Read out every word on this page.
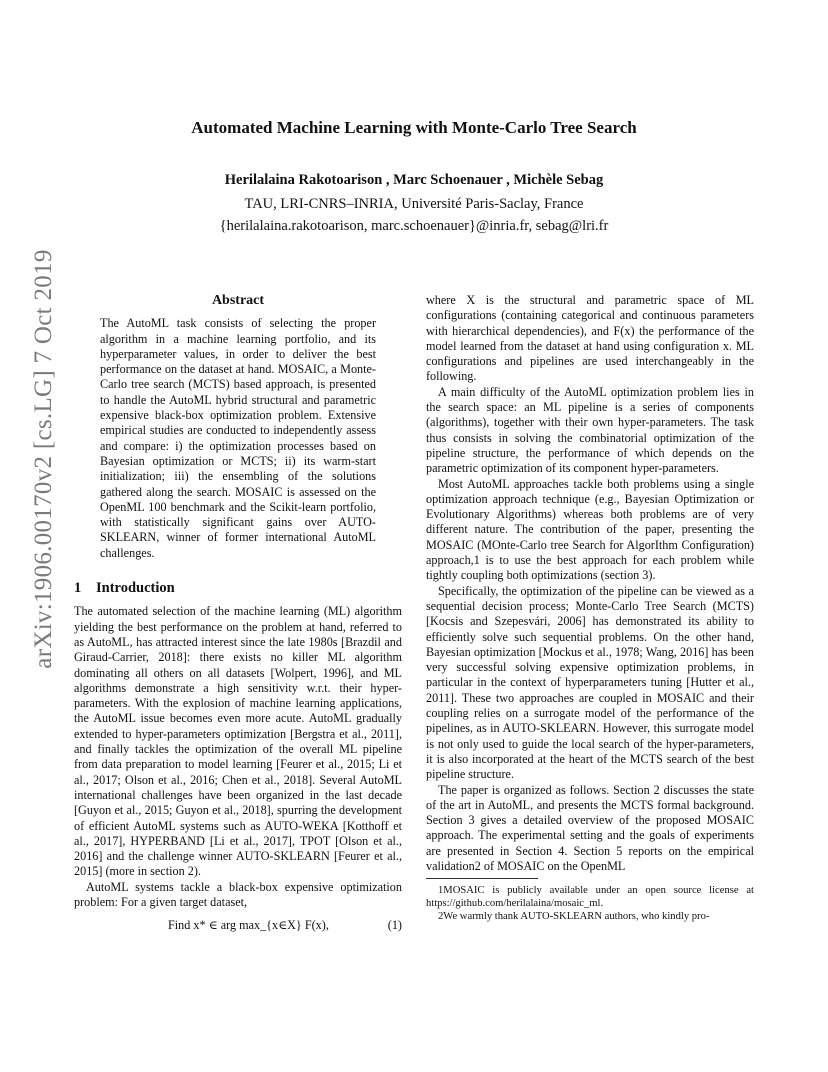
Automated Machine Learning with Monte-Carlo Tree Search
Herilalaina Rakotoarison , Marc Schoenauer , Michèle Sebag
TAU, LRI-CNRS–INRIA, Université Paris-Saclay, France
{herilalaina.rakotoarison, marc.schoenauer}@inria.fr, sebag@lri.fr
arXiv:1906.00170v2 [cs.LG] 7 Oct 2019	Abstract
The AutoML task consists of selecting the proper algorithm in a machine learning portfolio, and its hyperparameter values, in order to deliver the best performance on the dataset at hand. MOSAIC, a Monte-Carlo tree search (MCTS) based approach, is presented to handle the AutoML hybrid structural and parametric expensive black-box optimization problem. Extensive empirical studies are conducted to independently assess and compare: i) the optimization processes based on Bayesian optimization or MCTS; ii) its warm-start initialization; iii) the ensembling of the solutions gathered along the search. MOSAIC is assessed on the OpenML 100 benchmark and the Scikit-learn portfolio, with statistically significant gains over AUTO-SKLEARN, winner of former international AutoML challenges.
1 Introduction

The automated selection of the machine learning (ML) algorithm yielding the best performance on the problem at hand, referred to as AutoML, has attracted interest since the late 1980s [Brazdil and Giraud-Carrier, 2018]: there exists no killer ML algorithm dominating all others on all datasets [Wolpert, 1996], and ML algorithms demonstrate a high sensitivity w.r.t. their hyper-parameters. With the explosion of machine learning applications, the AutoML issue becomes even more acute. AutoML gradually extended to hyper-parameters optimization [Bergstra et al., 2011], and finally tackles the optimization of the overall ML pipeline from data preparation to model learning [Feurer et al., 2015; Li et al., 2017; Olson et al., 2016; Chen et al., 2018]. Several AutoML international challenges have been organized in the last decade [Guyon et al., 2015; Guyon et al., 2018], spurring the development of efficient AutoML systems such as AUTO-WEKA [Kotthoff et al., 2017], HYPERBAND [Li et al., 2017], TPOT [Olson et al., 2016] and the challenge winner AUTO-SKLEARN [Feurer et al., 2015] (more in section 2).

AutoML systems tackle a black-box expensive optimization problem: For a given target dataset,

Find x* ∈ arg max_{x∈X} F(x),	(1)

where X is the structural and parametric space of ML configurations (containing categorical and continuous parameters with hierarchical dependencies), and F(x) the performance of the model learned from the dataset at hand using configuration x. ML configurations and pipelines are used interchangeably in the following.

A main difficulty of the AutoML optimization problem lies in the search space: an ML pipeline is a series of components (algorithms), together with their own hyper-parameters. The task thus consists in solving the combinatorial optimization of the pipeline structure, the performance of which depends on the parametric optimization of its component hyper-parameters.

Most AutoML approaches tackle both problems using a single optimization approach technique (e.g., Bayesian Optimization or Evolutionary Algorithms) whereas both problems are of very different nature. The contribution of the paper, presenting the MOSAIC (MOnte-Carlo tree Search for AlgorIthm Configuration) approach,1 is to use the best approach for each problem while tightly coupling both optimizations (section 3).

Specifically, the optimization of the pipeline can be viewed as a sequential decision process; Monte-Carlo Tree Search (MCTS) [Kocsis and Szepesvári, 2006] has demonstrated its ability to efficiently solve such sequential problems. On the other hand, Bayesian optimization [Mockus et al., 1978; Wang, 2016] has been very successful solving expensive optimization problems, in particular in the context of hyperparameters tuning [Hutter et al., 2011]. These two approaches are coupled in MOSAIC and their coupling relies on a surrogate model of the performance of the pipelines, as in AUTO-SKLEARN. However, this surrogate model is not only used to guide the local search of the hyper-parameters, it is also incorporated at the heart of the MCTS search of the best pipeline structure.

The paper is organized as follows. Section 2 discusses the state of the art in AutoML, and presents the MCTS formal background. Section 3 gives a detailed overview of the proposed MOSAIC approach. The experimental setting and the goals of experiments are presented in Section 4. Section 5 reports on the empirical validation2 of MOSAIC on the OpenML

1MOSAIC is publicly available under an open source license at https://github.com/herilalaina/mosaic_ml.
2We warmly thank AUTO-SKLEARN authors, who kindly pro-
